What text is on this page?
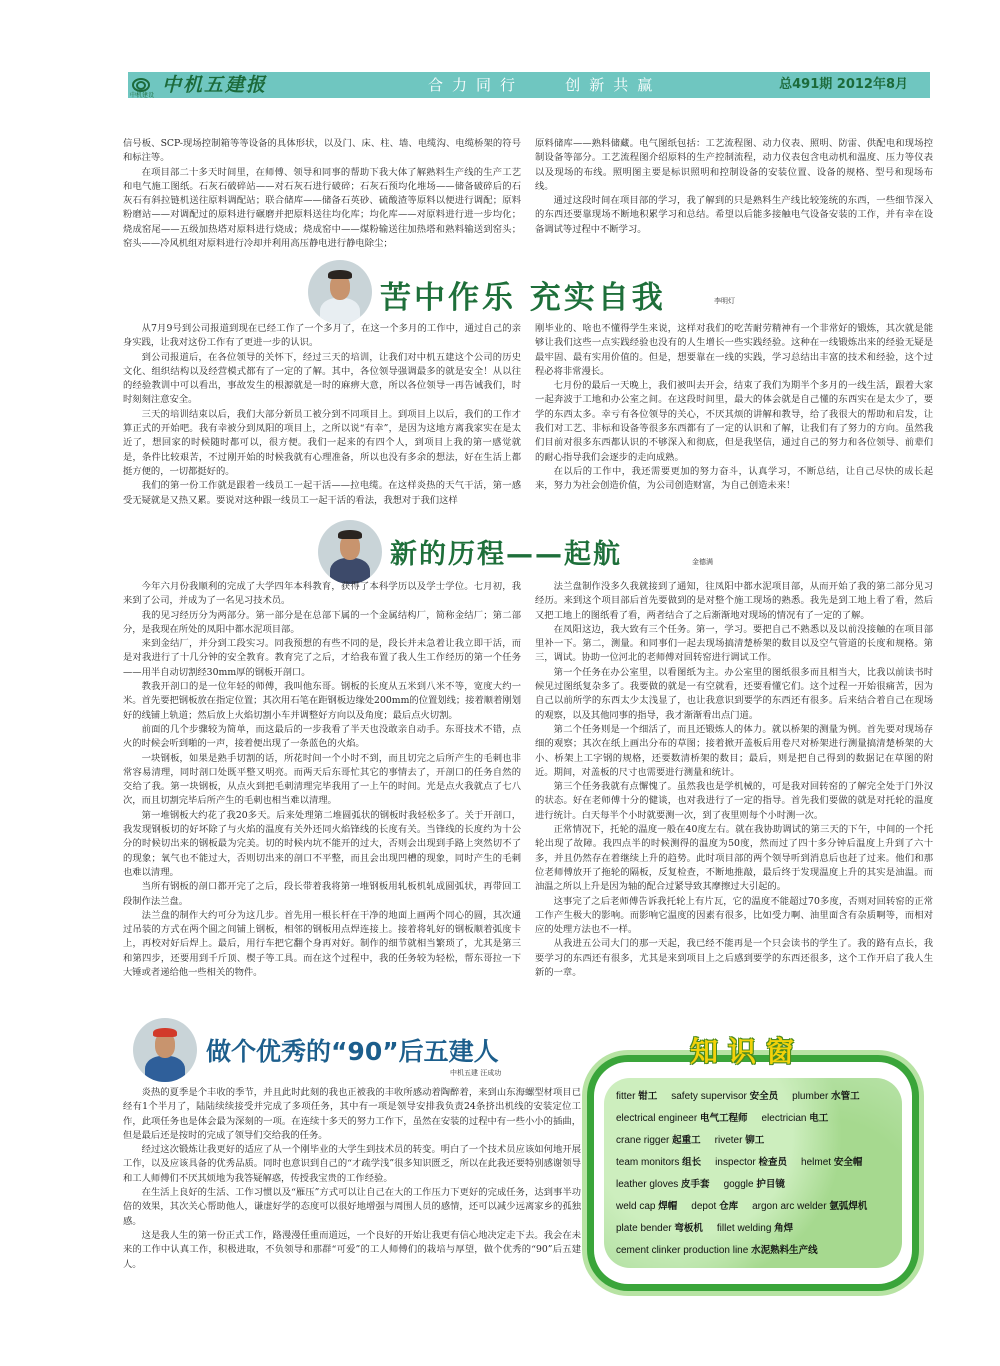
中机建设 中机五建报	合力同行   创新共赢	总491期 2012年8月

信号板、SCP-现场控制箱等等设备的具体形状，以及门、床、柱、墙、电缆沟、电缆桥架的符号和标注等。

在项目部二十多天时间里，在师傅、领导和同事的帮助下我大体了解熟料生产线的生产工艺和电气施工图纸。石灰石破碎站——对石灰石进行破碎；石灰石预均化堆场——储备破碎后的石灰石有斜拉链机送往原料调配站；联合储库——储备石英砂、硫酸渣等原料以便进行调配；原料粉磨站——对调配过的原料进行碾磨并把原料送往均化库；均化库——对原料进行进一步均化；烧成窑尾——五级加热塔对原料进行烧成；烧成窑中——煤粉输送往加热塔和熟料输送到窑头；窑头——冷风机组对原料进行冷却并利用高压静电进行静电除尘；

原料储库——熟料储藏。电气图纸包括：工艺流程图、动力仪表、照明、防雷、供配电和现场控制设备等部分。工艺流程图介绍原料的生产控制流程，动力仪表包含电动机和温度、压力等仪表以及现场的布线。照明图主要是标识照明和控制设备的安装位置、设备的规格、型号和现场布线。

通过这段时间在项目部的学习，我了解到的只是熟料生产线比较笼统的东西，一些细节深入的东西还要靠现场不断地积累学习和总结。希望以后能多接触电气设备安装的工作，并有幸在设备调试等过程中不断学习。

苦中作乐 充实自我	李明灯

从7月9号到公司报道到现在已经工作了一个多月了，在这一个多月的工作中，通过自己的亲身实践，让我对这份工作有了更进一步的认识。

到公司报道后，在各位领导的关怀下，经过三天的培训，让我们对中机五建这个公司的历史文化、组织结构以及经营模式都有了一定的了解。其中，各位领导强调最多的就是安全！从以往的经验教训中可以看出，事故发生的根源就是一时的麻痹大意，所以各位领导一再告诫我们，时时刻刻注意安全。

三天的培训结束以后，我们大部分新员工被分到不同项目上。到项目上以后，我们的工作才算正式的开始吧。我有幸被分到凤阳的项目上，之所以说“有幸”，是因为这地方离我家实在是太近了，想回家的时候随时都可以，很方便。我们一起来的有四个人，到项目上我的第一感觉就是，条件比较艰苦，不过刚开始的时候我就有心理准备，所以也没有多余的想法，好在生活上都挺方便的，一切都挺好的。

我们的第一份工作就是跟着一线员工一起干活——拉电缆。在这样炎热的天气干活，第一感受无疑就是又热又累。要说对这种跟一线员工一起干活的看法，我想对于我们这样

刚毕业的、啥也不懂得学生来说，这样对我们的吃苦耐劳精神有一个非常好的锻炼，其次就是能够让我们这些一点实践经验也没有的人生增长一些实践经验。这种在一线锻炼出来的经验无疑是最牢固、最有实用价值的。但是，想要靠在一线的实践，学习总结出丰富的技术和经验，这个过程必将非常漫长。

七月份的最后一天晚上，我们被叫去开会，结束了我们为期半个多月的一线生活，跟着大家一起奔波于工地和办公室之间。在这段时间里，最大的体会就是自己懂的东西实在是太少了，要学的东西太多。幸亏有各位领导的关心，不厌其烦的讲解和教导，给了我很大的帮助和启发，让我们对工艺、非标和设备等很多东西都有了一定的认识和了解，让我们有了努力的方向。虽然我们目前对很多东西都认识的不够深入和彻底，但是我坚信，通过自己的努力和各位领导、前辈们的耐心指导我们会逐步的走向成熟。

在以后的工作中，我还需要更加的努力奋斗，认真学习，不断总结，让自己尽快的成长起来，努力为社会创造价值，为公司创造财富，为自己创造未来！

新的历程——起航	金德满

今年六月份我顺利的完成了大学四年本科教育，获得了本科学历以及学士学位。七月初，我来到了公司，并成为了一名见习技术员。

我的见习经历分为两部分。第一部分是在总部下属的一个金属结构厂，简称金结厂；第二部分，是我现在所处的凤阳中都水泥项目部。

来到金结厂，并分到工段实习。同我预想的有些不同的是，段长并未急着让我立即干活，而是对我进行了十几分钟的安全教育。教育完了之后，才给我布置了我人生工作经历的第一个任务——用半自动切割经30mm厚的钢板开剖口。

教我开剖口的是一位年轻的师傅，我叫他东哥。钢板的长度从五米到八米不等，宽度大约一米。首先要把钢板放在指定位置；其次用石笔在距钢板边缘处200mm的位置划线；接着顺着刚划好的线铺上轨道；然后放上火焰切割小车并调整好方向以及角度；最后点火切割。

前面的几个步骤较为简单，而这最后的一步我看了半天也没敢亲自动手。东哥技术不错，点火的时候会听到啪的一声，接着便出现了一条蓝色的火焰。

一块钢板，如果是熟手切割的话，所花时间一个小时不到，而且切完之后所产生的毛刺也非常容易清理，同时剖口处既平整又明亮。而两天后东哥忙其它的事情去了，开剖口的任务自然的交给了我。第一块钢板，从点火到把毛刺清理完毕我用了一上午的时间。光是点火我就点了七八次，而且切割完毕后所产生的毛刺也相当难以清理。

第一堆钢板大约花了我20多天。后来处理第二堆圆弧状的钢板时我轻松多了。关于开剖口，我发现钢板切的好坏除了与火焰的温度有关外还同火焰锋线的长度有关。当锋线的长度约为十公分的时候切出来的钢板最为完美。切的时候内坑不能开的过大，否则会出现到手路上突然切不了的现象；氧气也不能过大，否则切出来的剖口不平整，而且会出现凹槽的现象，同时产生的毛刺也难以清理。

当所有钢板的剖口都开完了之后，段长带着我将第一堆钢板用轧板机轧成圆弧状，再带回工段制作法兰盘。

法兰盘的制作大约可分为这几步。首先用一根长杆在干净的地面上画两个同心的圆，其次通过吊装的方式在两个圆之间铺上钢板，相邻的钢板用点焊连接上。接着将轧好的钢板顺着弧度卡上，再校对好后焊上。最后，用行车把它翻个身再对好。制作的细节就相当繁琐了，尤其是第三和第四步，还要用到千斤顶、楔子等工具。而在这个过程中，我的任务较为轻松，帮东哥拉一下大锤或者递给他一些相关的物件。

法兰盘制作没多久我就接到了通知，往凤阳中都水泥项目部，从而开始了我的第二部分见习经历。来到这个项目部后首先要做到的是对整个施工现场的熟悉。我先是到工地上看了看，然后又把工地上的图纸看了看，两者结合了之后渐渐地对现场的情况有了一定的了解。

在凤阳这边，我大致有三个任务。第一，学习。要把自己不熟悉以及以前没接触的在项目部里补一下。第二，测量。和同事们一起去现场搞清楚桥架的数目以及空气管道的长度和规格。第三，调试。协助一位河北的老师傅对回转窑进行调试工作。

第一个任务在办公室里，以看图纸为主。办公室里的图纸很多而且相当大，比我以前读书时候见过图纸复杂多了。我要做的就是一有空就看，还要看懂它们。这个过程一开始很痛苦，因为自己以前所学的东西太少太浅显了，也让我意识到要学的东西还有很多。后来结合着自己在现场的观察，以及其他同事的指导，我才渐渐看出点门道。

第二个任务则是一个细活了，而且还锻炼人的体力。就以桥架的测量为例。首先要对现场存细的观察；其次在纸上画出分布的草图；接着掀开盖板后用卷尺对桥架进行测量搞清楚桥架的大小、桥架上工字钢的规格，还要数清桥架的数目；最后，则是把自己得到的数据记在草图的附近。期间，对盖板的尺寸也需要进行测量和统计。

第三个任务我就有点懈愧了。虽然我也是学机械的，可是我对回转窑的了解完全处于门外汉的状态。好在老师傅十分的健谈，也对我进行了一定的指导。首先我们要做的就是对托轮的温度进行统计。白天每半个小时就要测一次，到了夜里则每个小时测一次。

正常情况下，托轮的温度一般在40度左右。就在我协助调试的第三天的下午，中间的一个托轮出现了故障。我四点半的时候测得的温度为50度，然而过了四十多分钟后温度上升到了六十多，并且仍然存在着继续上升的趋势。此时项目部的两个领导听到消息后也赶了过来。他们和那位老师傅放开了拖轮的隔板，反复检查，不断地推敲，最后终于发现温度上升的其实是油温。而油温之所以上升是因为轴的配合过紧导致其摩擦过大引起的。

这事完了之后老师傅告诉我托轮上有片瓦，它的温度不能超过70多度，否则对回转窑的正常工作产生极大的影响。而影响它温度的因素有很多，比如受力啊、油里面含有杂质啊等，而相对应的处理方法也不一样。

从我进五公司大门的那一天起，我已经不能再是一个只会读书的学生了。我的路有点长，我要学习的东西还有很多，尤其是来到项目上之后感到要学的东西还很多，这个工作开启了我人生新的一章。

做个优秀的“90”后五建人
中机五建 汪成功

炎热的夏季是个丰收的季节，并且此时此刻的我也正被我的丰收所感动着陶醉着，来到山东海螺型材项目已经有1个半月了，陆陆续续接受并完成了多项任务，其中有一项是领导安排我负责24条挤出机线的安装定位工作，此项任务也是体会最为深刻的一项。在连续十多天的努力工作下，虽然在安装的过程中有一些小小的插曲，但是最后还是按时的完成了领导们交给我的任务。

经过这次锻炼让我更好的适应了从一个刚毕业的大学生到技术员的转变。明白了一个技术员应该如何地开展工作，以及应该具备的优秀品质。同时也意识到自己的“才疏学浅”很多知识匮乏，所以在此我还要特别感谢领导和工人师傅们不厌其烦地为我答疑解惑，传授我宝贵的工作经验。

在生活上良好的生活、工作习惯以及“雁压”方式可以让自己在大的工作压力下更好的完成任务，达到事半功倍的效果，其次关心帮助他人，谦虚好学的态度可以很好地增强与周围人员的感情，还可以减少远离家乡的孤独感。

这是我人生的第一份正式工作，路漫漫任重而道远，一个良好的开始让我更有信心地决定走下去。我会在未来的工作中认真工作，积极进取，不负领导和那群“可爱”的工人师傅们的栽培与厚望，做个优秀的“90”后五建人。

知识窗
fitter 钳工 safety supervisor 安全员 plumber 水管工
electrical engineer 电气工程师 electrician 电工
crane rigger 起重工 riveter 铆工
team monitors 组长 inspector 检查员 helmet 安全帽
leather gloves 皮手套 goggle 护目镜
weld cap 焊帽 depot 仓库 argon arc welder 氩弧焊机
plate bender 弯板机 fillet welding 角焊
cement clinker production line 水泥熟料生产线
